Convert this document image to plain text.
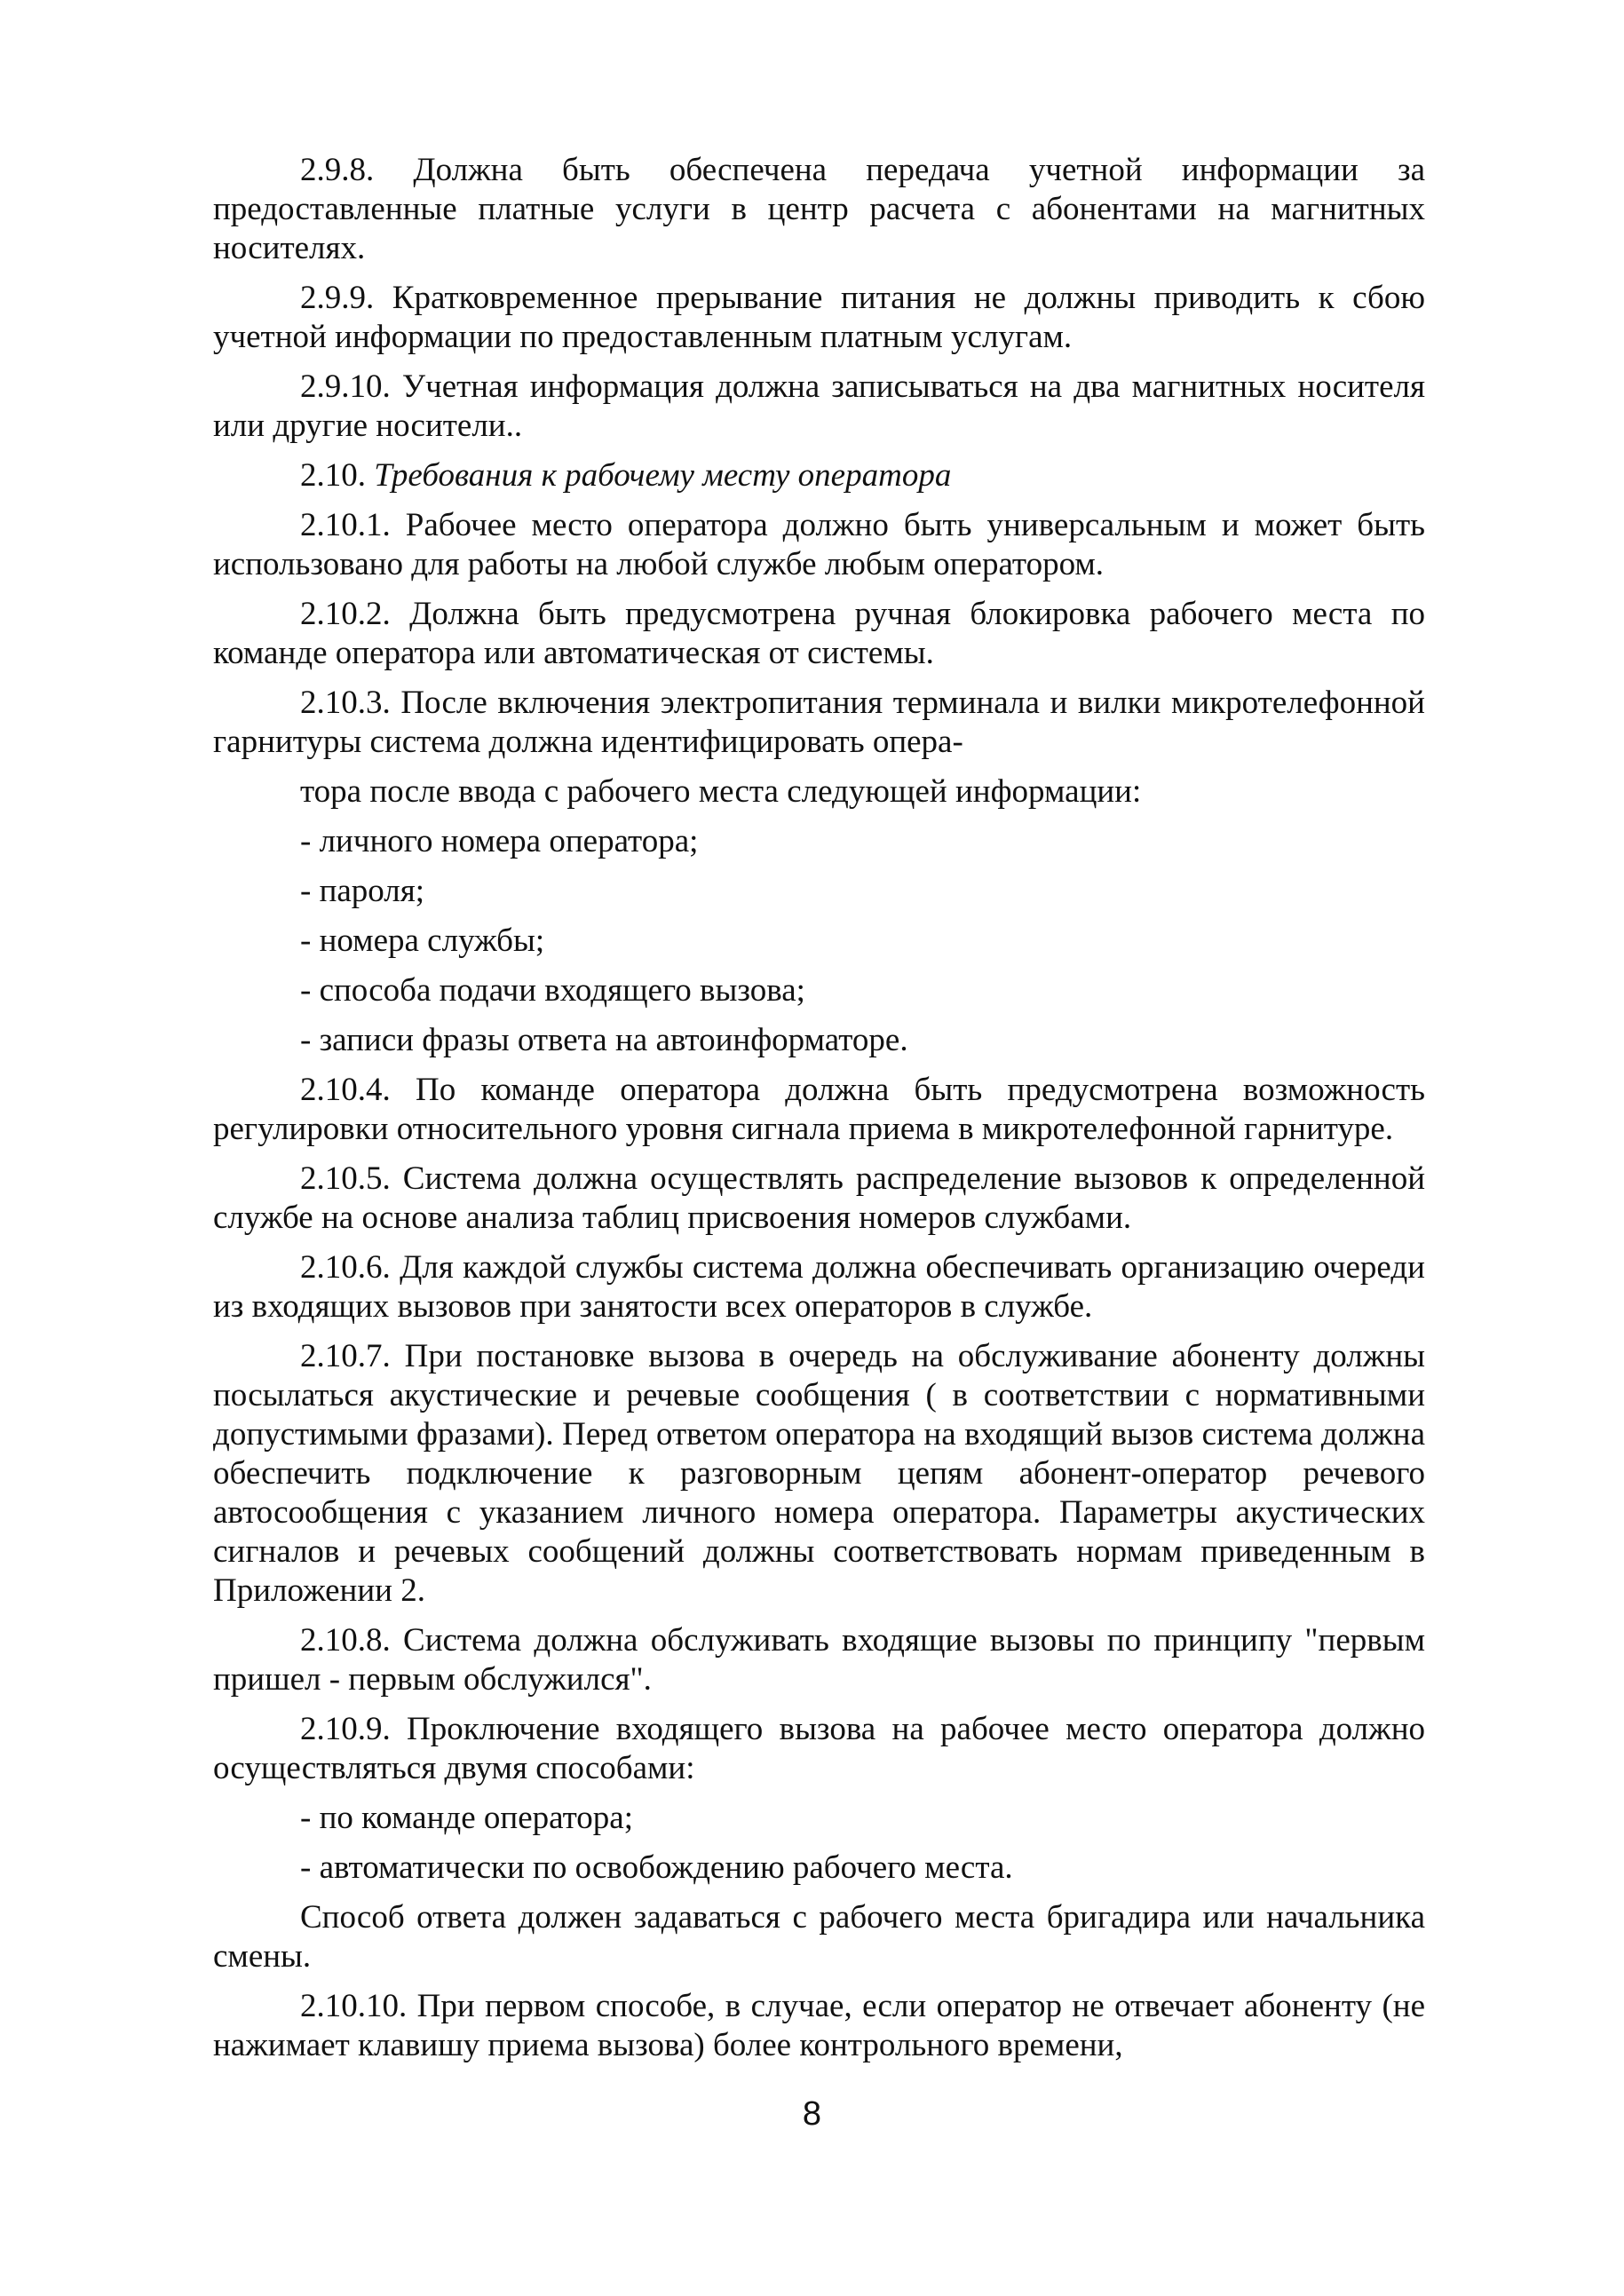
2.9.8. Должна быть обеспечена передача учетной информации за предоставленные платные услуги в центр расчета с абонентами на магнитных носителях.

2.9.9. Кратковременное прерывание питания не должны приводить к сбою учетной информации по предоставленным платным услугам.

2.9.10. Учетная информация должна записываться на два магнитных носителя или другие носители..

2.10. Требования к рабочему месту оператора

2.10.1. Рабочее место оператора должно быть универсальным и может быть использовано для работы на любой службе любым оператором.

2.10.2. Должна быть предусмотрена ручная блокировка рабочего места по команде оператора или автоматическая от системы.

2.10.3. После включения электропитания терминала и вилки микротелефонной гарнитуры система должна идентифицировать опера-

тора после ввода с рабочего места следующей информации:

- личного номера оператора;

- пароля;

- номера службы;

- способа подачи входящего вызова;

- записи фразы ответа на автоинформаторе.

2.10.4. По команде оператора должна быть предусмотрена возможность регулировки относительного уровня сигнала приема в микротелефонной гарнитуре.

2.10.5. Система должна осуществлять распределение вызовов к определенной службе на основе анализа таблиц присвоения номеров службами.

2.10.6. Для каждой службы система должна обеспечивать организацию очереди из входящих вызовов при занятости всех операторов в службе.

2.10.7. При постановке вызова в очередь на обслуживание абоненту должны посылаться акустические и речевые сообщения ( в соответствии с нормативными допустимыми фразами). Перед ответом оператора на входящий вызов система должна обеспечить подключение к разговорным цепям абонент-оператор речевого автосообщения с указанием личного номера оператора. Параметры акустических сигналов и речевых сообщений должны соответствовать нормам приведенным в Приложении 2.

2.10.8. Система должна обслуживать входящие вызовы по принципу "первым пришел - первым обслужился".

2.10.9. Проключение входящего вызова на рабочее место оператора должно осуществляться двумя способами:

- по команде оператора;

- автоматически по освобождению рабочего места.

Способ ответа должен задаваться с рабочего места бригадира или начальника смены.

2.10.10. При первом способе, в случае, если оператор не отвечает абоненту (не нажимает клавишу приема вызова) более контрольного времени,

8
